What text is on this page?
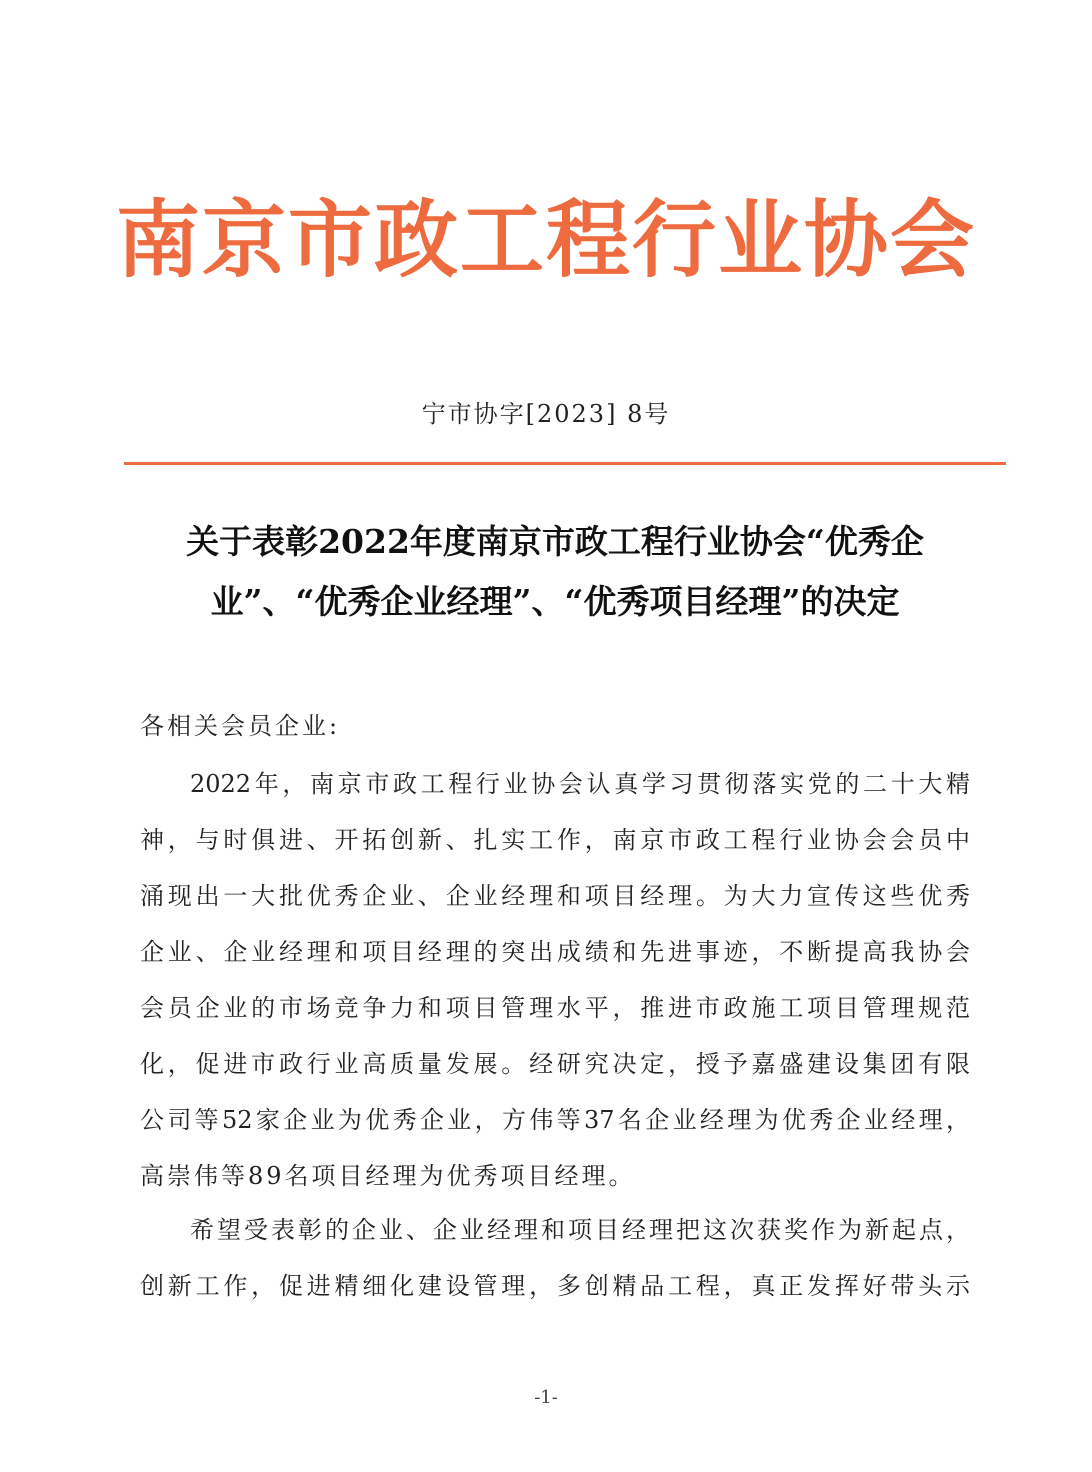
南京市政工程行业协会
宁市协字[2023] 8号
关于表彰2022年度南京市政工程行业协会“优秀企
业”、“优秀企业经理”、“优秀项目经理”的决定
各相关会员企业:
2022年，南京市政工程行业协会认真学习贯彻落实党的二十大精
神，与时俱进、开拓创新、扎实工作，南京市政工程行业协会会员中
涌现出一大批优秀企业、企业经理和项目经理。为大力宣传这些优秀
企业、企业经理和项目经理的突出成绩和先进事迹，不断提高我协会
会员企业的市场竞争力和项目管理水平，推进市政施工项目管理规范
化，促进市政行业高质量发展。经研究决定，授予嘉盛建设集团有限
公司等52家企业为优秀企业，方伟等37名企业经理为优秀企业经理，
高崇伟等89名项目经理为优秀项目经理。
希望受表彰的企业、企业经理和项目经理把这次获奖作为新起点，
创新工作，促进精细化建设管理，多创精品工程，真正发挥好带头示
-1-
